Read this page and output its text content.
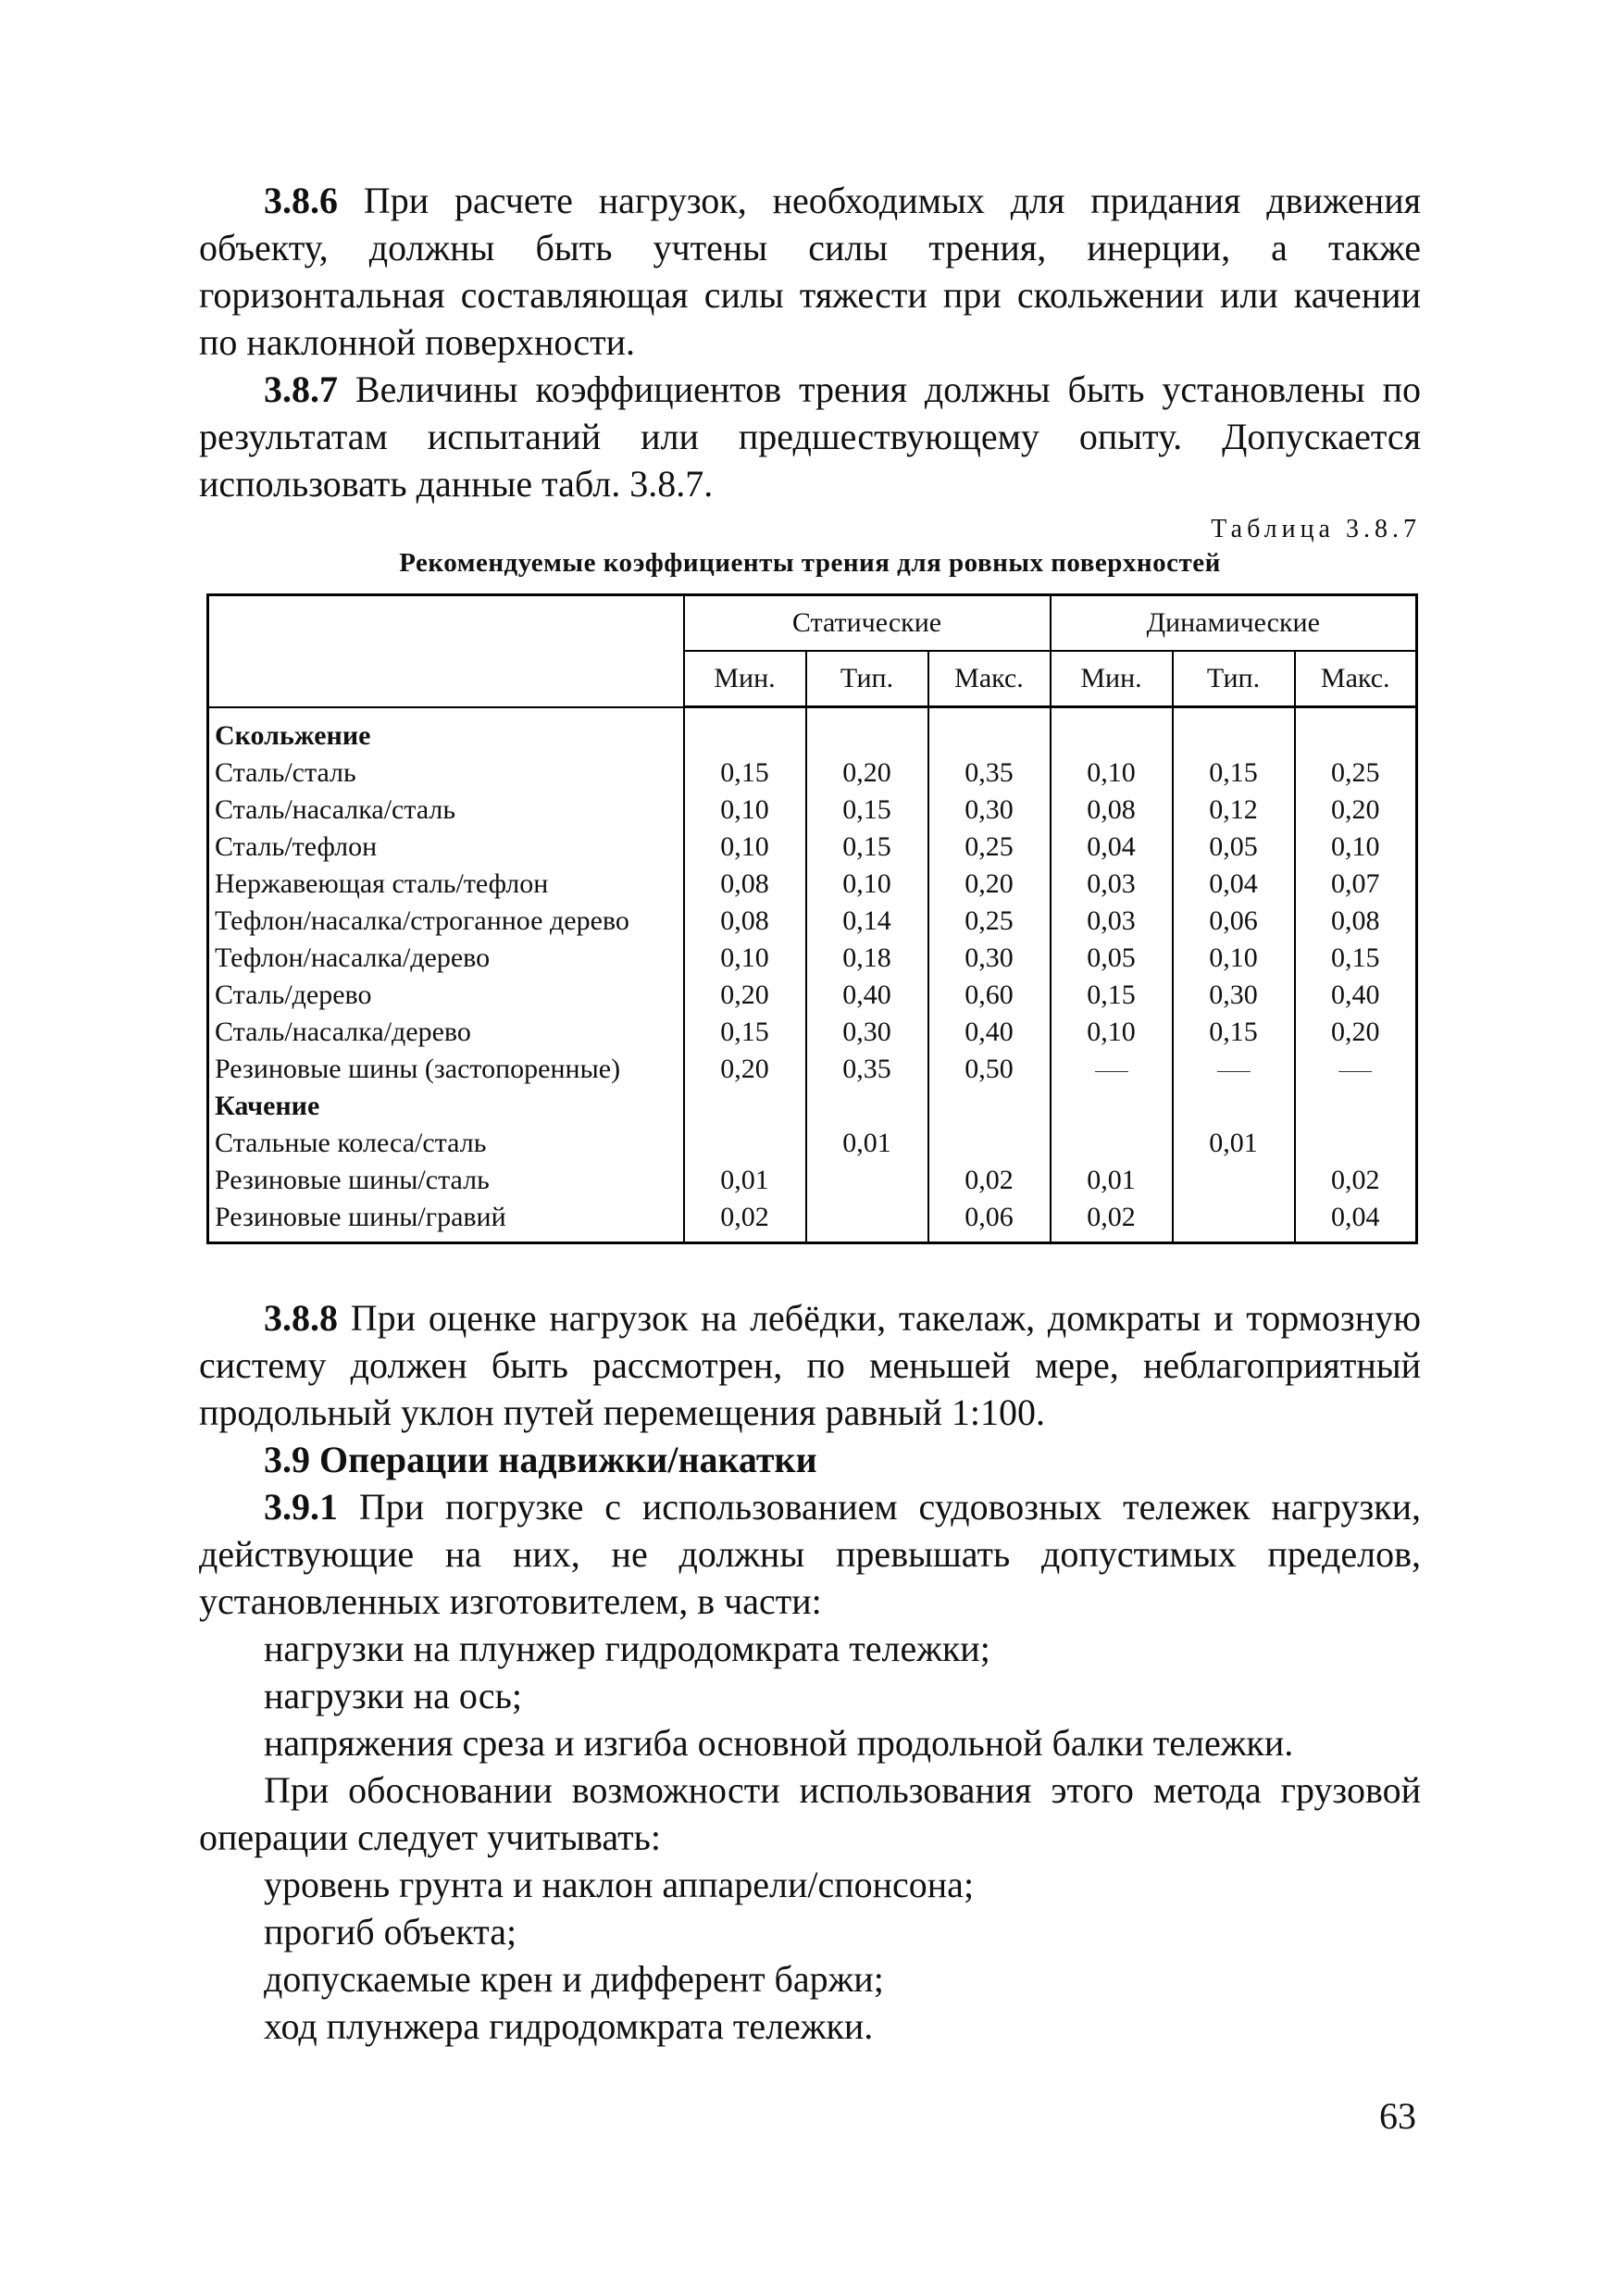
3.8.6 При расчете нагрузок, необходимых для придания движения объекту, должны быть учтены силы трения, инерции, а также горизонтальная составляющая силы тяжести при скольжении или качении по наклонной поверхности.

3.8.7 Величины коэффициентов трения должны быть установлены по результатам испытаний или предшествующему опыту. Допускается использовать данные табл. 3.8.7.

Таблица 3.8.7
Рекомендуемые коэффициенты трения для ровных поверхностей
	Статические			Динамические		
	Мин.	Тип.	Макс.	Мин.	Тип.	Макс.
Скольжение						
Сталь/сталь	0,15	0,20	0,35	0,10	0,15	0,25
Сталь/насалка/сталь	0,10	0,15	0,30	0,08	0,12	0,20
Сталь/тефлон	0,10	0,15	0,25	0,04	0,05	0,10
Нержавеющая сталь/тефлон	0,08	0,10	0,20	0,03	0,04	0,07
Тефлон/насалка/строганное дерево	0,08	0,14	0,25	0,03	0,06	0,08
Тефлон/насалка/дерево	0,10	0,18	0,30	0,05	0,10	0,15
Сталь/дерево	0,20	0,40	0,60	0,15	0,30	0,40
Сталь/насалка/дерево	0,15	0,30	0,40	0,10	0,15	0,20
Резиновые шины (застопоренные)	0,20	0,35	0,50			
Качение						
Стальные колеса/сталь		0,01			0,01	
Резиновые шины/сталь	0,01		0,02	0,01		0,02
Резиновые шины/гравий	0,02		0,06	0,02		0,04

3.8.8 При оценке нагрузок на лебёдки, такелаж, домкраты и тормозную систему должен быть рассмотрен, по меньшей мере, неблагоприятный продольный уклон путей перемещения равный 1:100.

3.9 Операции надвижки/накатки

3.9.1 При погрузке с использованием судовозных тележек нагрузки, действующие на них, не должны превышать допустимых пределов, установленных изготовителем, в части:

нагрузки на плунжер гидродомкрата тележки;

нагрузки на ось;

напряжения среза и изгиба основной продольной балки тележки.

При обосновании возможности использования этого метода грузовой операции следует учитывать:

уровень грунта и наклон аппарели/спонсона;

прогиб объекта;

допускаемые крен и дифферент баржи;

ход плунжера гидродомкрата тележки.

63
